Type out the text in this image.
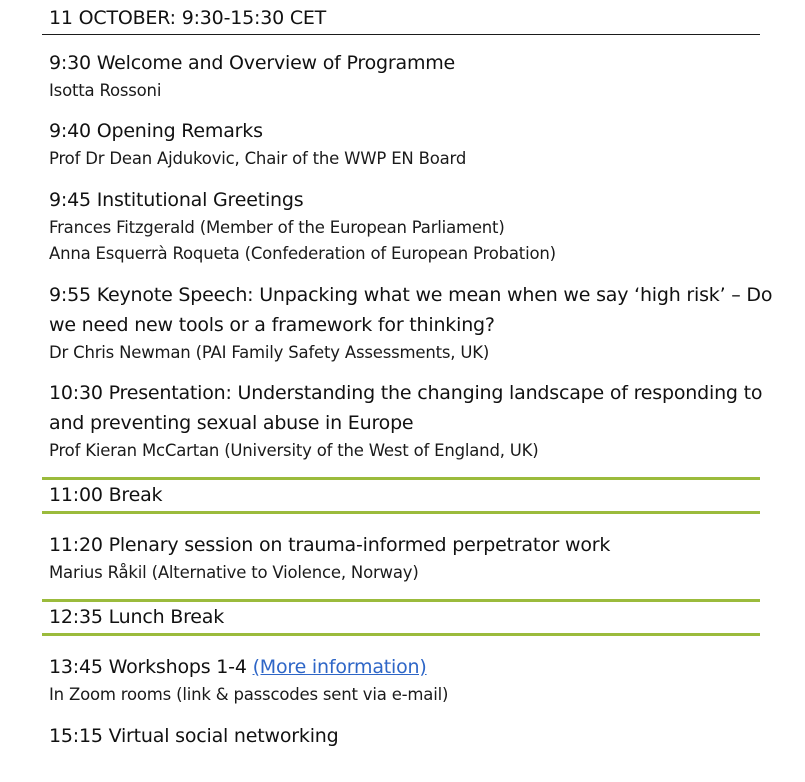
11 OCTOBER: 9:30-15:30 CET
9:30 Welcome and Overview of Programme
Isotta Rossoni
9:40 Opening Remarks
Prof Dr Dean Ajdukovic, Chair of the WWP EN Board
9:45 Institutional Greetings
Frances Fitzgerald (Member of the European Parliament)
Anna Esquerrà Roqueta (Confederation of European Probation)
9:55 Keynote Speech: Unpacking what we mean when we say ‘high risk’ – Do
we need new tools or a framework for thinking?
Dr Chris Newman (PAI Family Safety Assessments, UK)
10:30 Presentation: Understanding the changing landscape of responding to
and preventing sexual abuse in Europe
Prof Kieran McCartan (University of the West of England, UK)
11:00 Break
11:20 Plenary session on trauma-informed perpetrator work
Marius Råkil (Alternative to Violence, Norway)
12:35 Lunch Break
13:45 Workshops 1-4 (More information)
In Zoom rooms (link & passcodes sent via e-mail)
15:15 Virtual social networking
